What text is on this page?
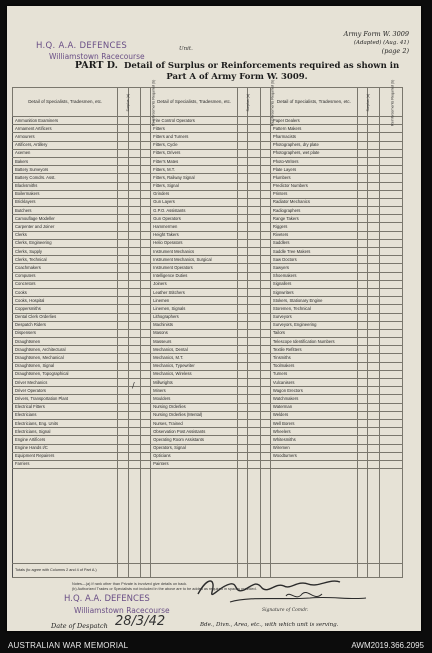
H.Q. A.A. DEFENCES
Williamstown Racecourse
Unit.
Army Form W. 3009
(Adapted) (Aug. 41)
(page 2)
PART D. Detail of Surplus or Reinforcements required as shown in
Part A of Army Form W. 3009.
Detail of Specialists, Tradesmen, etc.	Surplus (a)	Reinforcements Required (b)		Detail of Specialists, Tradesmen, etc.	Surplus (a)	Reinforcements Required (b)		Detail of Specialists, Tradesmen, etc.	Surplus (a)	Reinforcements Required (b)	
Ammunition Examiners				Fire Control Operators				Paper Dealers			
Armament Artificers				Fitters				Pattern Makers			
Armourers				Fitters and Turners				Pharmacists			
Artificers, Artillery				Fitters, Cycle				Photographers, dry plate			
Axemen				Fitters, Drivers				Photographers, wet plate			
Bakers				Fitter's Mates				Photo-Writers			
Battery Surveyors				Fitters, M.T.				Plate Layers			
Battery Comdrs. Asst.				Fitters, Railway Signal				Plumbers			
Blacksmiths				Fitters, Signal				Predictor Numbers			
Boilermakers				Grinders				Printers			
Bricklayers				Gun Layers				Radiator Mechanics			
Butchers				G.P.O. Assistants				Radiographers			
Camouflage Modeller				Gun Operators				Range Takers			
Carpenter and Joiner				Hammermen				Riggers			
Clerks				Height Takers				Riveters			
Clerks, Engineering				Helio Operators				Saddlers			
Clerks, Supply				Instrument Mechanics				Saddle Tree Makers			
Clerks, Technical				Instrument Mechanics, Surgical				Saw Doctors			
Coachmakers				Instrument Operators				Sawyers			
Computers				Intelligence Duties				Shoemakers			
Concretors				Joiners				Signallers			
Cooks				Leather Stitchers				Signwriters			
Cooks, Hospital				Linemen				Stokers, Stationary Engine			
Coppersmiths				Linemen, Signals				Storemen, Technical			
Dental Clerk Orderlies				Lithographers				Surveyors			
Despatch Riders				Machinists				Surveyors, Engineering			
Dispensers				Masons				Tailors			
Draughtsmen				Masseurs				Telescope Identification Numbers			
Draughtsmen, Architectural				Mechanics, Dental				Textile Refitters			
Draughtsmen, Mechanical				Mechanics, M.T.				Tinsmiths			
Draughtsmen, Signal				Mechanics, Typewriter				Toolmakers			
Draughtsmen, Topographical				Mechanics, Wireless				Turners			
Driver Mechanics				Millwrights				Vulcanisers			
Driver Operators				Miners				Wagon Erectors			
Drivers, Transportation Plant				Moulders				Watchmakers			
Electrical Fitters				Nursing Orderlies				Waterman			
Electricians				Nursing Orderlies (Mental)				Welders			
Electricians, Eng. Units				Nurses, Trained				Well Borers			
Electricians, Signal				Observation Post Assistants				Wheelers			
Engine Artificers				Operating Room Assistants				Whitesmiths			
Engine Hands I/C				Operators, Signal				Wiremen			
Equipment Repairers				Opticians				Woodturners			
Farriers				Painters							

Totals (to agree with Columns 2 and 4 of Part A.)											
/
Notes—(a) If rank other than Private is involved give details on back.
(b) Authorized Trades or Specialists not included in the above are to be added as required in spaces provided.
H.Q. A.A. DEFENCES
Williamstown Racecourse	Signature of Comdr.
Date of Despatch 28/3/42	Bde., Divn., Area, etc., with which unit is serving.
AUSTRALIAN WAR MEMORIAL	AWM2019.366.2095
